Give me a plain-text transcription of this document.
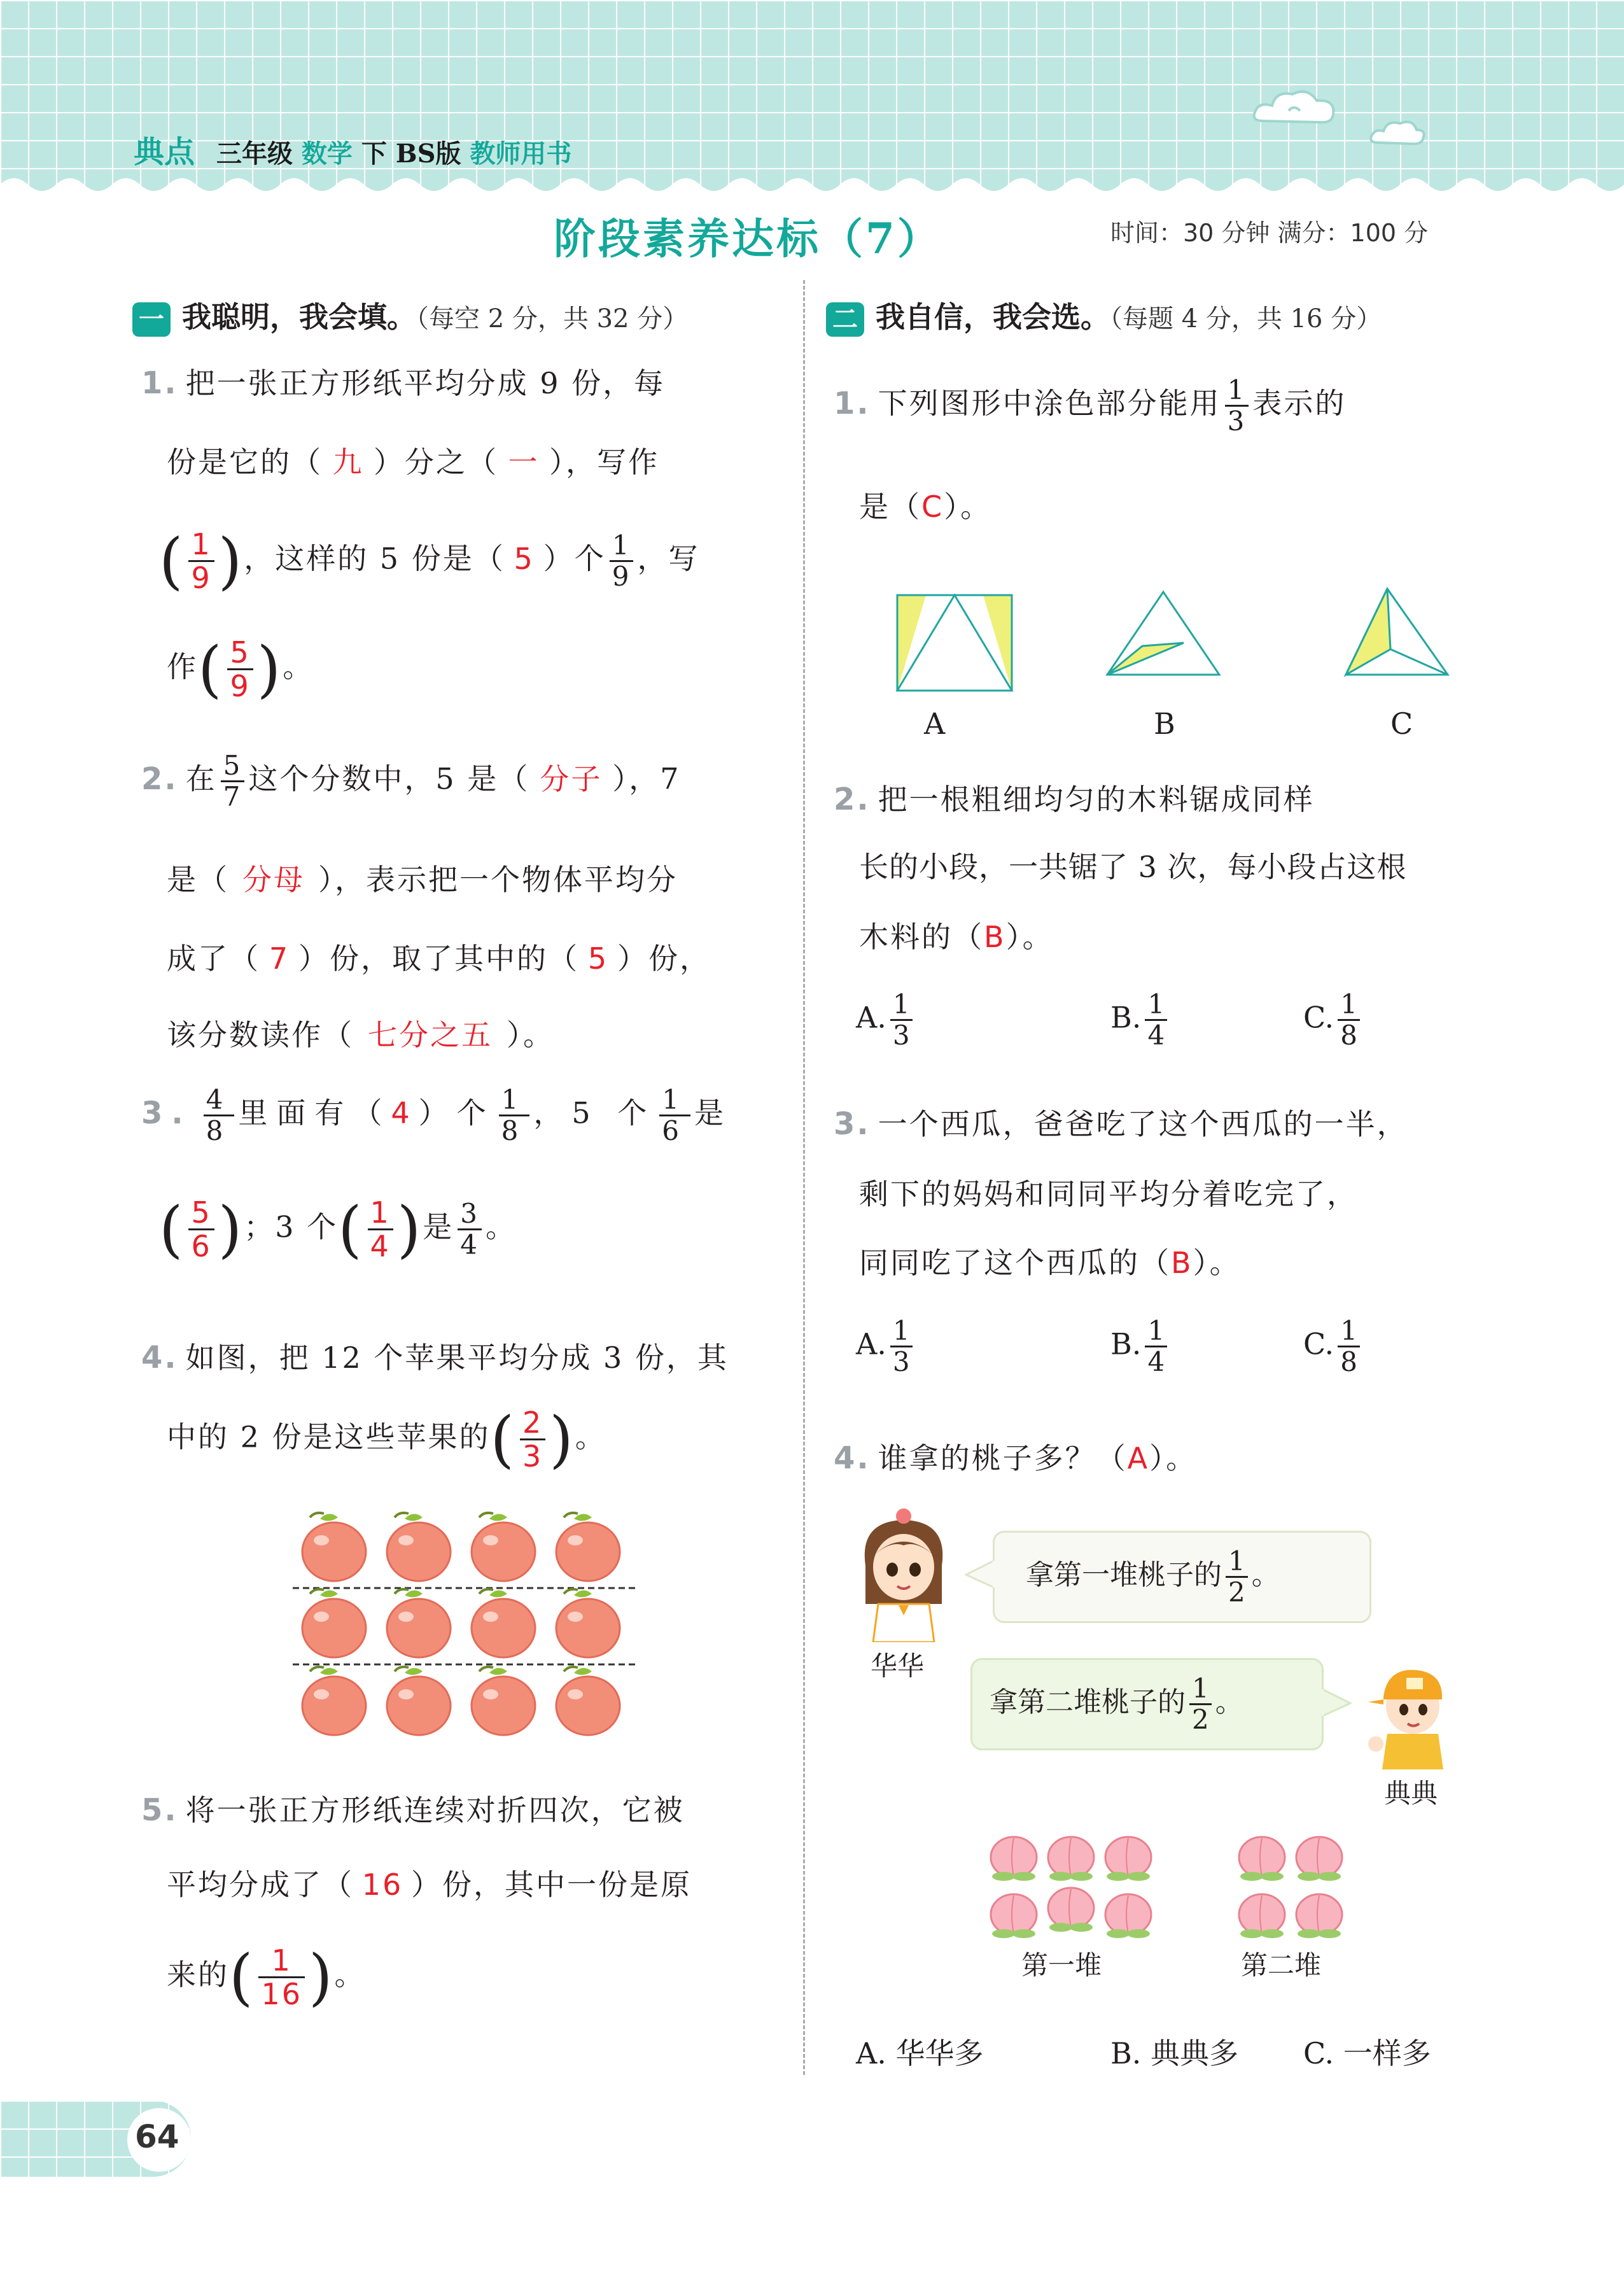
典点 三年级 数学 下 BS版 教师用书
阶段素养达标（7）	时间：30 分钟 满分：100 分
一 我聪明，我会填。（每空 2 分，共 32 分）
1. 把一张正方形纸平均分成 9 份，每
份是它的（ 九 ）分之（ 一 ），写作
( $\frac{1}{9}$ )，这样的 5 份是（ 5 ）个 $\frac{1}{9}$ ，写
作( $\frac{5}{9}$ )。
2. 在 $\frac{5}{7}$ 这个分数中，5 是（ 分子 ），7
是（ 分母 ），表示把一个物体平均分
成了（ 7 ）份，取了其中的（ 5 ）份，
该分数读作（ 七分之五 ）。
3. $\frac{4}{8}$ 里面有（4）个 $\frac{1}{8}$ ，5 个 $\frac{1}{6}$ 是
( $\frac{5}{6}$ )；3 个( $\frac{1}{4}$ )是 $\frac{3}{4}$ 。
4. 如图，把 12 个苹果平均分成 3 份，其
中的 2 份是这些苹果的( $\frac{2}{3}$ )。
5. 将一张正方形纸连续对折四次，它被
平均分成了（ 16 ）份，其中一份是原
来的( $\frac{1}{16}$ )。
二 我自信，我会选。（每题 4 分，共 16 分）
1. 下列图形中涂色部分能用 $\frac{1}{3}$ 表示的
是（C）。
A	B	C
2. 把一根粗细均匀的木料锯成同样
长的小段，一共锯了 3 次，每小段占这根
木料的（B）。
A. $\frac{1}{3}$	B. $\frac{1}{4}$	C. $\frac{1}{8}$
3. 一个西瓜，爸爸吃了这个西瓜的一半，
剩下的妈妈和同同平均分着吃完了，
同同吃了这个西瓜的（B）。
A. $\frac{1}{3}$	B. $\frac{1}{4}$	C. $\frac{1}{8}$
4. 谁拿的桃子多？（A）。
华华
拿第一堆桃子的 $\frac{1}{2}$ 。
拿第二堆桃子的 $\frac{1}{2}$ 。
典典
第一堆	第二堆
A. 华华多	B. 典典多 C. 一样多
64
